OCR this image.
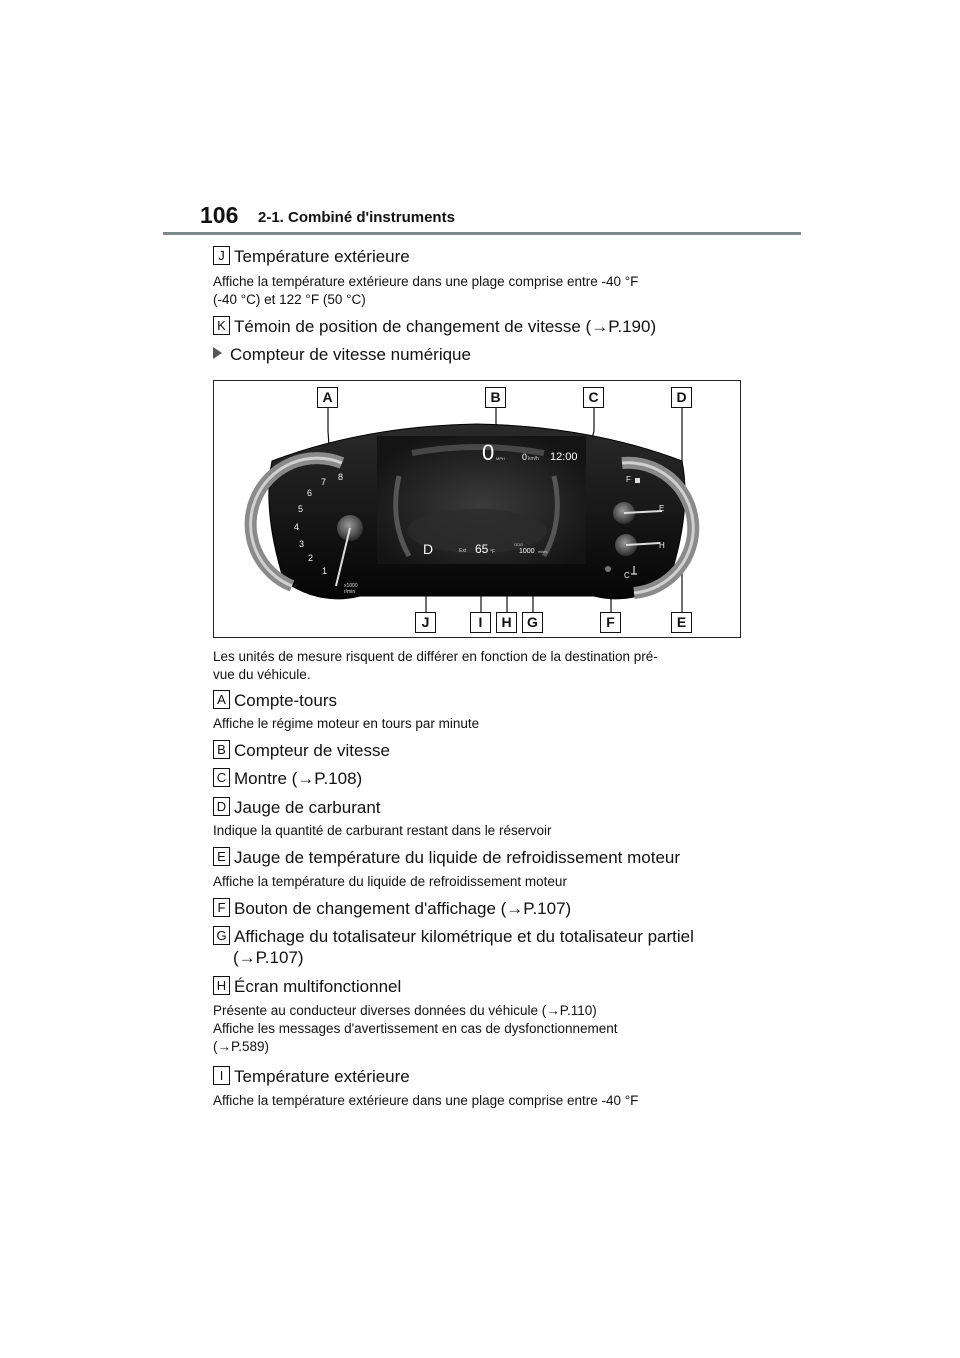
106 2-1. Combiné d'instruments
J Température extérieure
Affiche la température extérieure dans une plage comprise entre -40 °F
(-40 °C) et 122 °F (50 °C)
K Témoin de position de changement de vitesse (→P.190)
Compteur de vitesse numérique
1
2
3
4
5
6
7 8
x1000
r/min
0 MPH 0 km/h 12:00
D	Ext 65 °F
ODO
1000 miles
F
E
H
C
A	B	C	D
J	I	H	G	F	E
Les unités de mesure risquent de différer en fonction de la destination pré-
vue du véhicule.
A Compte-tours
Affiche le régime moteur en tours par minute
B Compteur de vitesse
C Montre (→P.108)
D Jauge de carburant
Indique la quantité de carburant restant dans le réservoir
E Jauge de température du liquide de refroidissement moteur
Affiche la température du liquide de refroidissement moteur
F Bouton de changement d'affichage (→P.107)
G Affichage du totalisateur kilométrique et du totalisateur partiel
(→P.107)
H Écran multifonctionnel
Présente au conducteur diverses données du véhicule (→P.110)
Affiche les messages d'avertissement en cas de dysfonctionnement
(→P.589)
I Température extérieure
Affiche la température extérieure dans une plage comprise entre -40 °F
